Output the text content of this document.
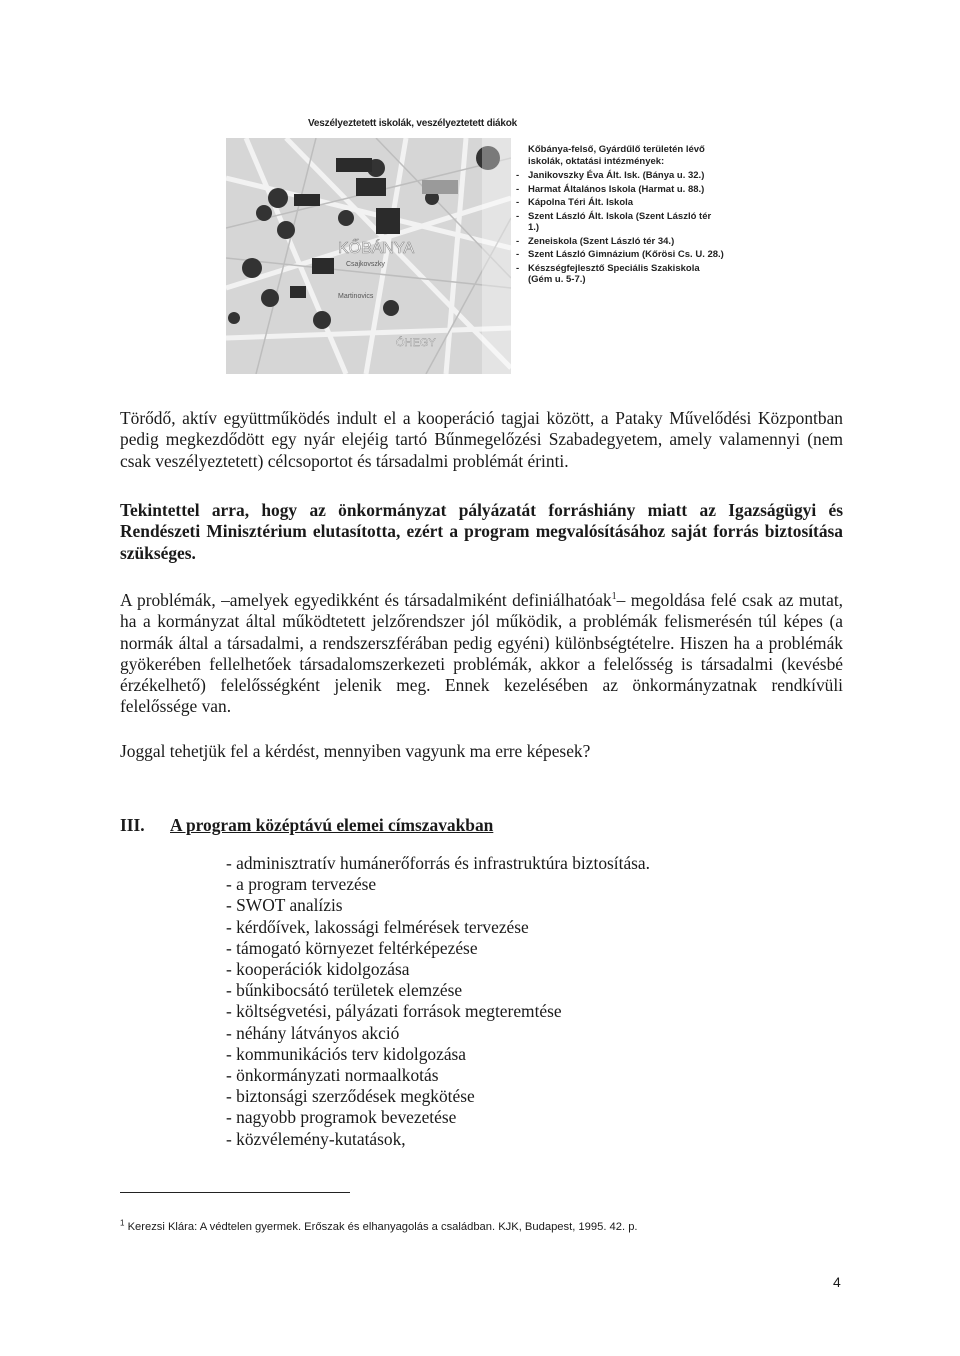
Veszélyeztetett iskolák, veszélyeztetett diákok
KŐBÁNYA
ÓHEGY
Csajkovszky
Martinovics
Kőbánya-felső, Gyárdűlő területén lévő iskolák, oktatási intézmények:
- Janikovszky Éva Ált. Isk. (Bánya u. 32.)
- Harmat Általános Iskola (Harmat u. 88.)
- Kápolna Téri Ált. Iskola
- Szent László Ált. Iskola (Szent László tér 1.)
- Zeneiskola (Szent László tér 34.)
- Szent László Gimnázium (Kőrösi Cs. U. 28.)
- Készségfejlesztő Speciális Szakiskola (Gém u. 5-7.)

Törődő, aktív együttműködés indult el a kooperáció tagjai között, a Pataky Művelődési Központban pedig megkezdődött egy nyár elejéig tartó Bűnmegelőzési Szabadegyetem, amely valamennyi (nem csak veszélyeztetett) célcsoportot és társadalmi problémát érinti.

Tekintettel arra, hogy az önkormányzat pályázatát forráshiány miatt az Igazságügyi és Rendészeti Minisztérium elutasította, ezért a program megvalósításához saját forrás biztosítása szükséges.

A problémák, –amelyek egyedikként és társadalmiként definiálhatóak$^1$– megoldása felé csak az mutat, ha a kormányzat által működtetett jelzőrendszer jól működik, a problémák felismerésén túl képes (a normák által a társadalmi, a rendszerszférában pedig egyéni) különbségtételre. Hiszen ha a problémák gyökerében fellelhetőek társadalomszerkezeti problémák, akkor a felelősség is társadalmi (kevésbé érzékelhető) felelősségként jelenik meg. Ennek kezelésében az önkormányzatnak rendkívüli felelőssége van.

Joggal tehetjük fel a kérdést, mennyiben vagyunk ma erre képesek?

III. A program középtávú elemei címszavakban
- adminisztratív humánerőforrás és infrastruktúra biztosítása.
- a program tervezése
- SWOT analízis
- kérdőívek, lakossági felmérések tervezése
- támogató környezet feltérképezése
- kooperációk kidolgozása
- bűnkibocsátó területek elemzése
- költségvetési, pályázati források megteremtése
- néhány látványos akció
- kommunikációs terv kidolgozása
- önkormányzati normaalkotás
- biztonsági szerződések megkötése
- nagyobb programok bevezetése
- közvélemény-kutatások,
$^1$ Kerezsi Klára: A védtelen gyermek. Erőszak és elhanyagolás a családban. KJK, Budapest, 1995. 42. p.
4
